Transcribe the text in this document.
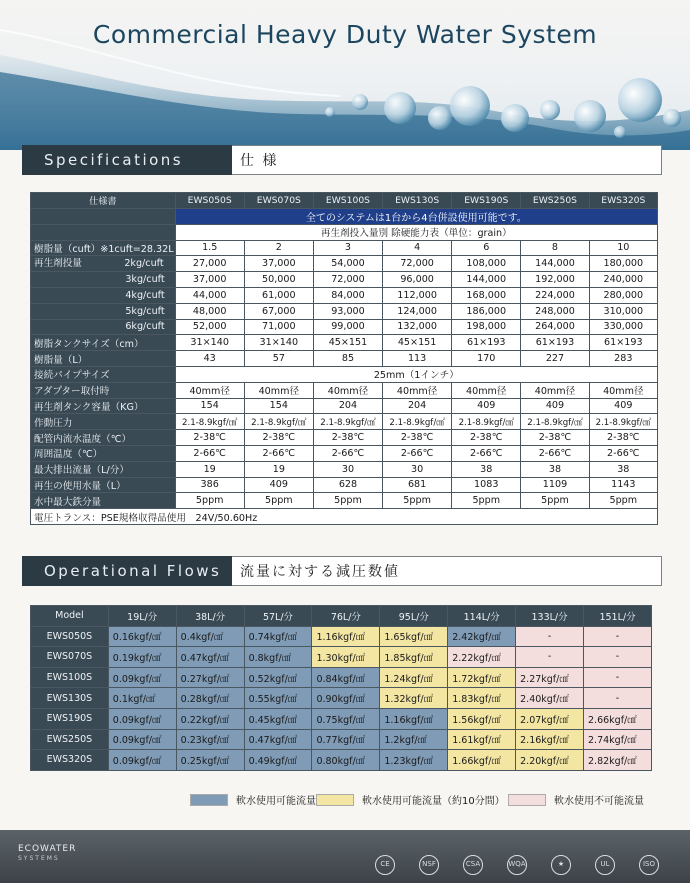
Commercial Heavy Duty Water System
Specifications	仕 様
仕様書	EWS050S	EWS070S	EWS100S	EWS130S	EWS190S	EWS250S	EWS320S
	全てのシステムは1台から4台併設使用可能です。						
	再生剤投入量別 除硬能力表（単位：grain）						
樹脂量（cuft）※1cuft=28.32L	1.5	2	3	4	6	8	10

再生剤投量 2kg/cuft	27,000	37,000	54,000	72,000	108,000	144,000	180,000
3kg/cuft	37,000	50,000	72,000	96,000	144,000	192,000	240,000
4kg/cuft	44,000	61,000	84,000	112,000	168,000	224,000	280,000
5kg/cuft	48,000	67,000	93,000	124,000	186,000	248,000	310,000
6kg/cuft	52,000	71,000	99,000	132,000	198,000	264,000	330,000
樹脂タンクサイズ（cm）	31×140	31×140	45×151	45×151	61×193	61×193	61×193
樹脂量（L）	43	57	85	113	170	227	283
接続パイプサイズ	25mm（1インチ）						
アダプター取付時	40mm径	40mm径	40mm径	40mm径	40mm径	40mm径	40mm径
再生剤タンク容量（KG）	154	154	204	204	409	409	409
作動圧力	2.1-8.9kgf/㎠	2.1-8.9kgf/㎠	2.1-8.9kgf/㎠	2.1-8.9kgf/㎠	2.1-8.9kgf/㎠	2.1-8.9kgf/㎠	2.1-8.9kgf/㎠
配管内流水温度（℃）	2-38℃	2-38℃	2-38℃	2-38℃	2-38℃	2-38℃	2-38℃
周囲温度（℃）	2-66℃	2-66℃	2-66℃	2-66℃	2-66℃	2-66℃	2-66℃
最大排出流量（L/分）	19	19	30	30	38	38	38
再生の使用水量（L）	386	409	628	681	1083	1109	1143
水中最大鉄分量	5ppm	5ppm	5ppm	5ppm	5ppm	5ppm	5ppm
電圧トランス：PSE規格収得品使用　24V/50.60Hz							
Operational Flows	流量に対する減圧数値
Model	19L/分	38L/分	57L/分	76L/分	95L/分	114L/分	133L/分	151L/分
EWS050S	0.16kgf/㎠	0.4kgf/㎠	0.74kgf/㎠	1.16kgf/㎠	1.65kgf/㎠	2.42kgf/㎠	-	-
EWS070S	0.19kgf/㎠	0.47kgf/㎠	0.8kgf/㎠	1.30kgf/㎠	1.85kgf/㎠	2.22kgf/㎠	-	-
EWS100S	0.09kgf/㎠	0.27kgf/㎠	0.52kgf/㎠	0.84kgf/㎠	1.24kgf/㎠	1.72kgf/㎠	2.27kgf/㎠	-
EWS130S	0.1kgf/㎠	0.28kgf/㎠	0.55kgf/㎠	0.90kgf/㎠	1.32kgf/㎠	1.83kgf/㎠	2.40kgf/㎠	-
EWS190S	0.09kgf/㎠	0.22kgf/㎠	0.45kgf/㎠	0.75kgf/㎠	1.16kgf/㎠	1.56kgf/㎠	2.07kgf/㎠	2.66kgf/㎠
EWS250S	0.09kgf/㎠	0.23kgf/㎠	0.47kgf/㎠	0.77kgf/㎠	1.2kgf/㎠	1.61kgf/㎠	2.16kgf/㎠	2.74kgf/㎠
EWS320S	0.09kgf/㎠	0.25kgf/㎠	0.49kgf/㎠	0.80kgf/㎠	1.23kgf/㎠	1.66kgf/㎠	2.20kgf/㎠	2.82kgf/㎠
軟水使用可能流量	軟水使用可能流量（約10分間）	軟水使用不可能流量
ECOWATER
SYSTEMS
CE	NSF	CSA	WQA	★	UL	ISO
